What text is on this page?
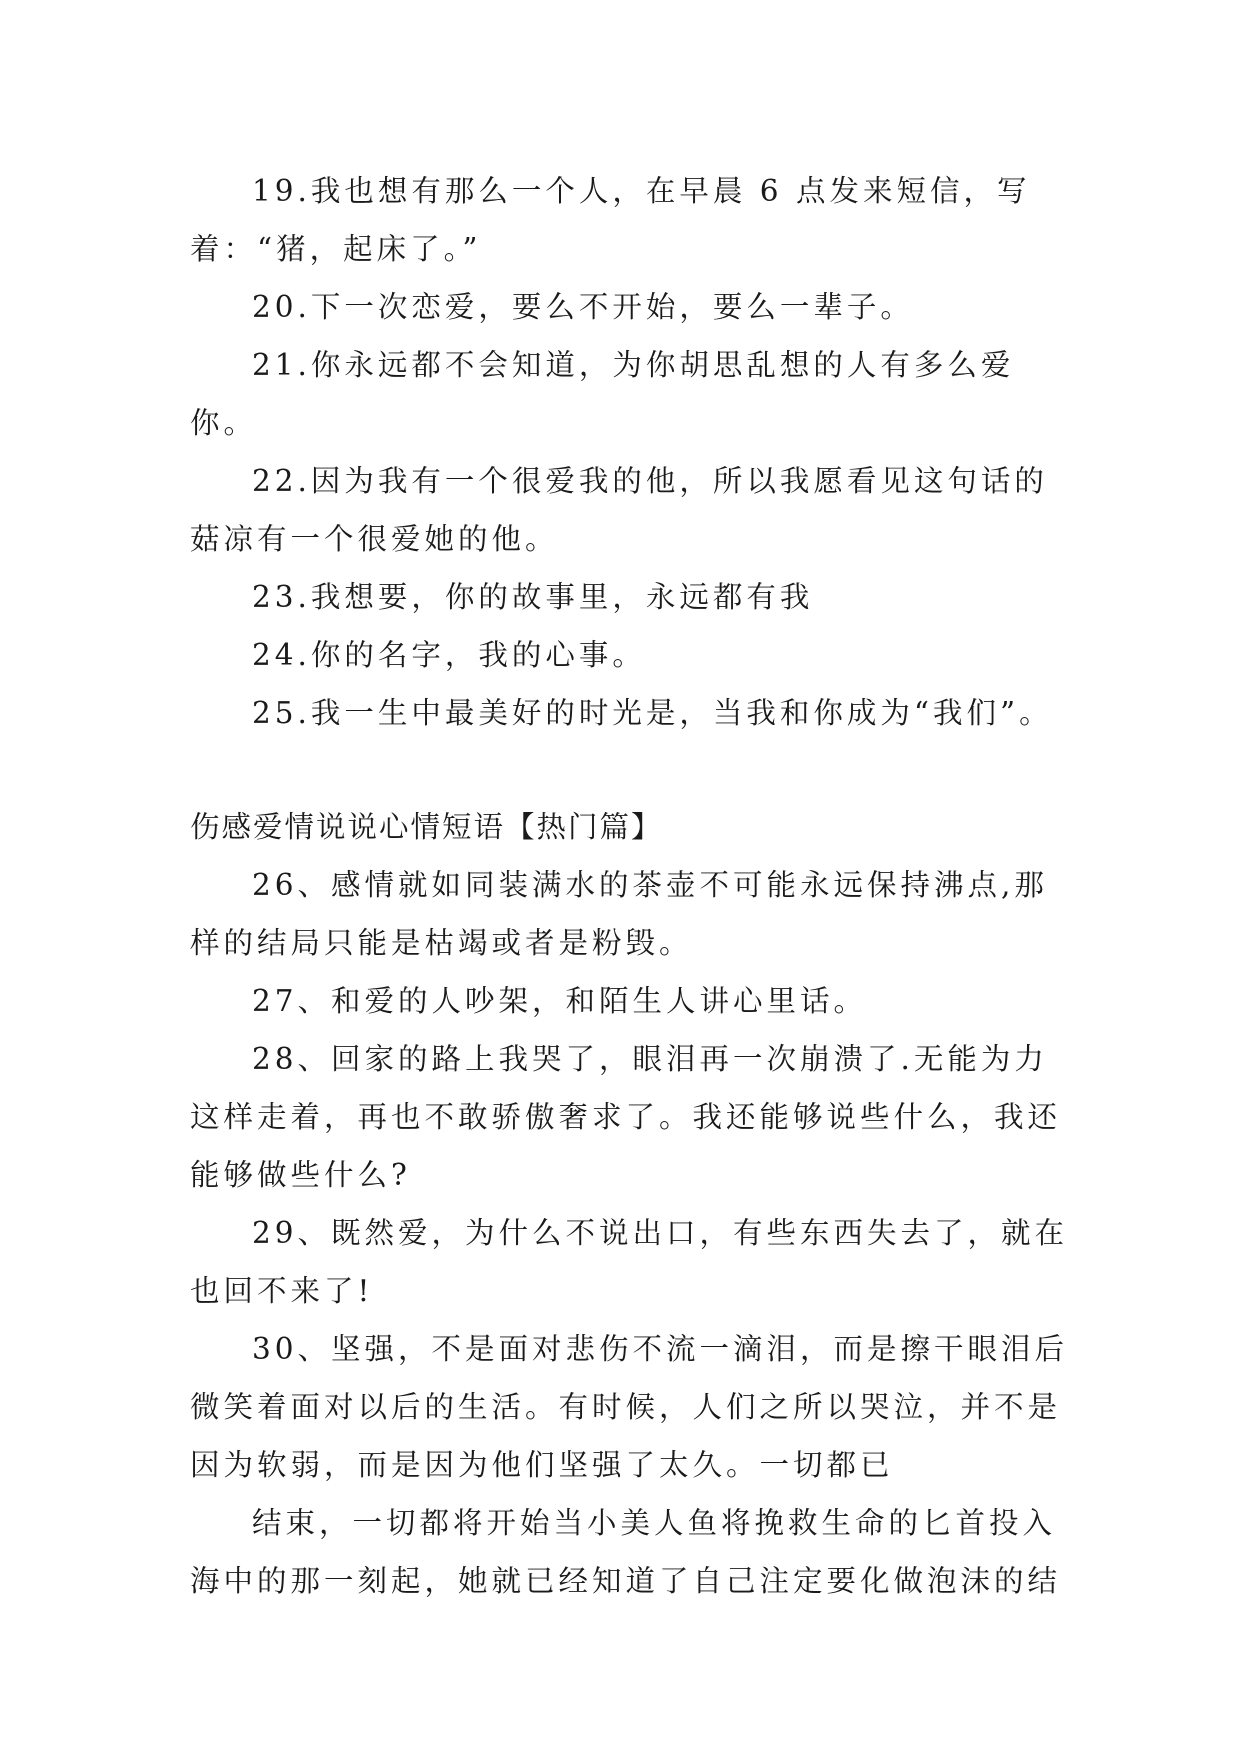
19.我也想有那么一个人，在早晨 6 点发来短信，写着：“猪，起床了。”

20.下一次恋爱，要么不开始，要么一辈子。

21.你永远都不会知道，为你胡思乱想的人有多么爱你。

22.因为我有一个很爱我的他，所以我愿看见这句话的菇凉有一个很爱她的他。

23.我想要，你的故事里，永远都有我

24.你的名字，我的心事。

25.我一生中最美好的时光是，当我和你成为“我们”。

伤感爱情说说心情短语【热门篇】

26、感情就如同装满水的茶壶不可能永远保持沸点,那样的结局只能是枯竭或者是粉毁。

27、和爱的人吵架，和陌生人讲心里话。

28、回家的路上我哭了，眼泪再一次崩溃了.无能为力这样走着，再也不敢骄傲奢求了。我还能够说些什么，我还能够做些什么?

29、既然爱，为什么不说出口，有些东西失去了，就在也回不来了!

30、坚强，不是面对悲伤不流一滴泪，而是擦干眼泪后微笑着面对以后的生活。有时候，人们之所以哭泣，并不是因为软弱，而是因为他们坚强了太久。一切都已

结束，一切都将开始当小美人鱼将挽救生命的匕首投入海中的那一刻起，她就已经知道了自己注定要化做泡沫的结
